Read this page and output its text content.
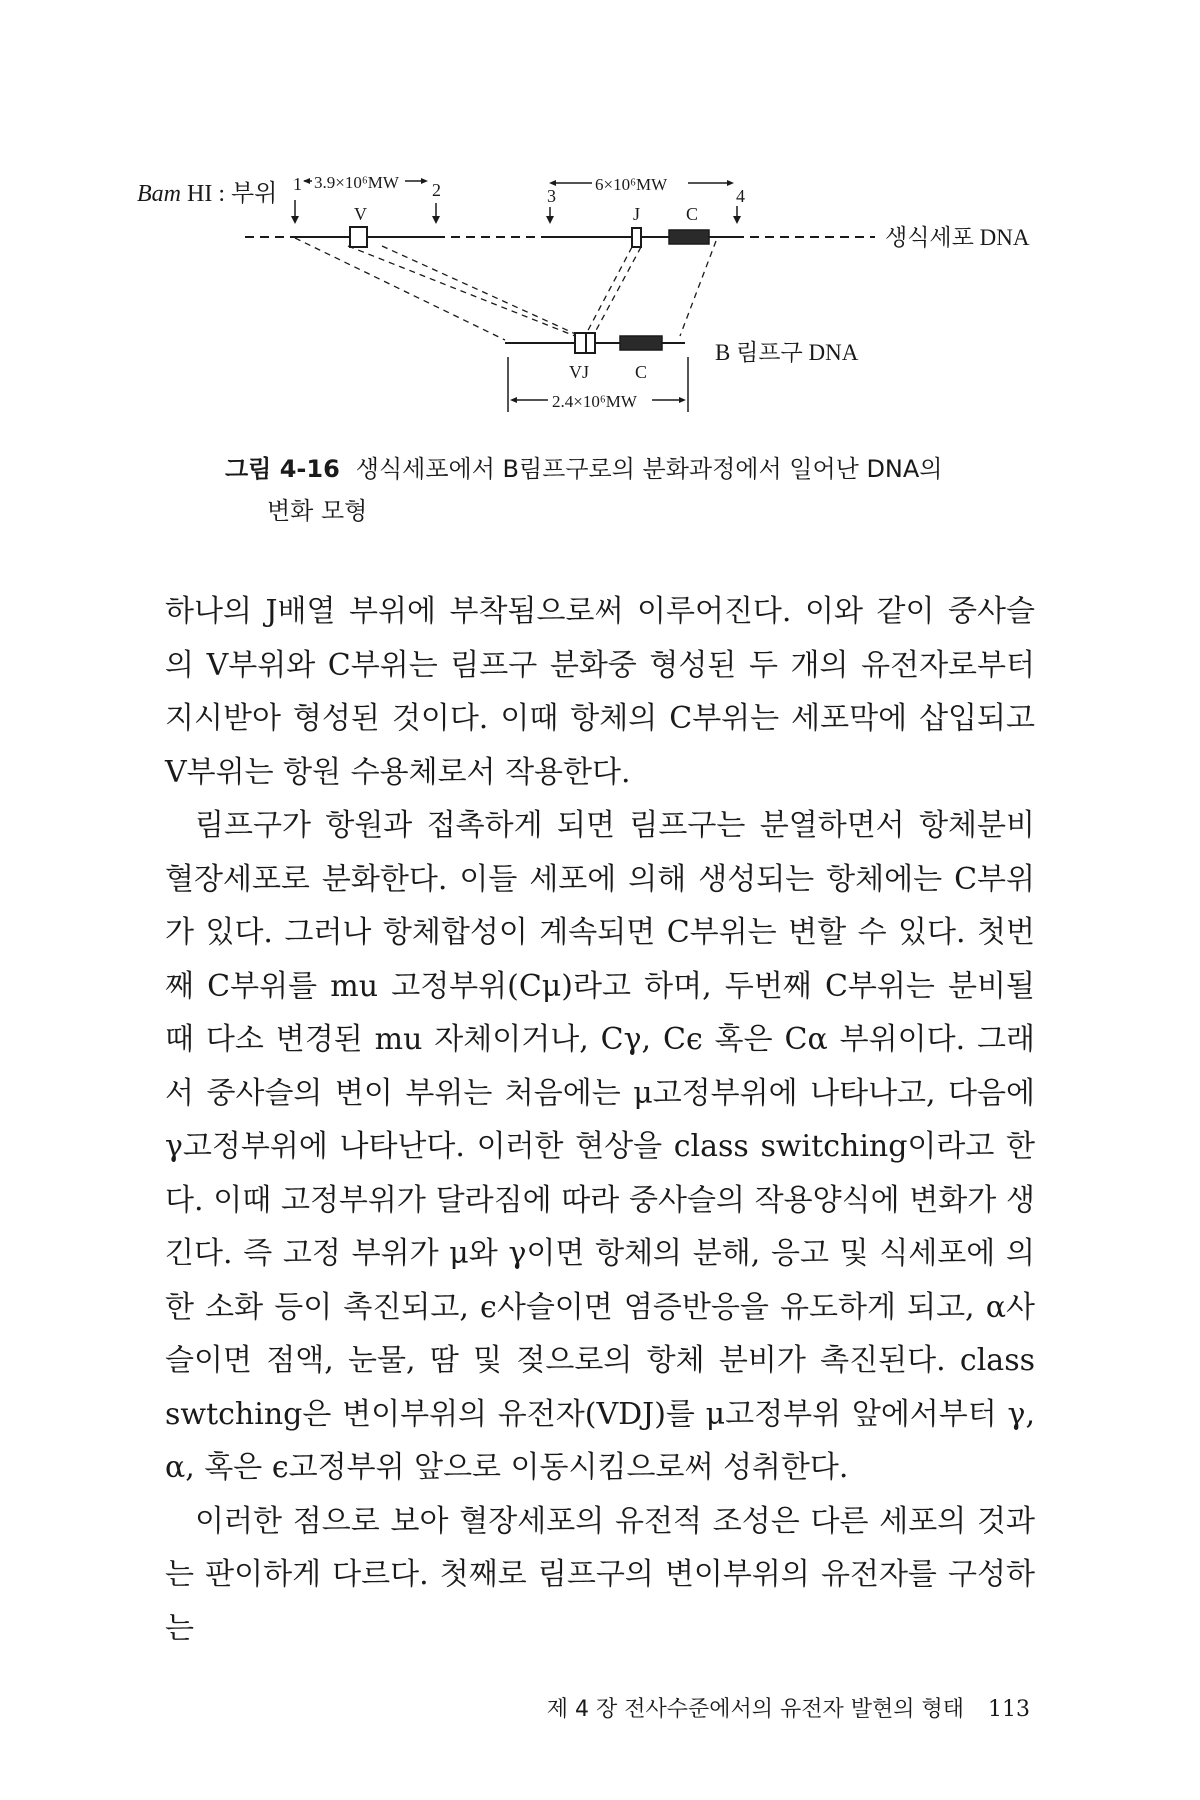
Bam HI : 부위 1	2	3	4
3.9×10⁶MW	6×10⁶MW
V	J	C
생식세포 DNA
B 림프구 DNA
VJ	C
2.4×10⁶MW
그림 4-16 생식세포에서 B림프구로의 분화과정에서 일어난 DNA의
변화 모형

하나의 J배열 부위에 부착됨으로써 이루어진다. 이와 같이 중사슬의 V부위와 C부위는 림프구 분화중 형성된 두 개의 유전자로부터 지시받아 형성된 것이다. 이때 항체의 C부위는 세포막에 삽입되고 V부위는 항원 수용체로서 작용한다.

림프구가 항원과 접촉하게 되면 림프구는 분열하면서 항체분비 혈장세포로 분화한다. 이들 세포에 의해 생성되는 항체에는 C부위가 있다. 그러나 항체합성이 계속되면 C부위는 변할 수 있다. 첫번째 C부위를 mu 고정부위(Cμ)라고 하며, 두번째 C부위는 분비될 때 다소 변경된 mu 자체이거나, Cγ, Cϵ 혹은 Cα 부위이다. 그래서 중사슬의 변이 부위는 처음에는 μ고정부위에 나타나고, 다음에 γ고정부위에 나타난다. 이러한 현상을 class switching이라고 한다. 이때 고정부위가 달라짐에 따라 중사슬의 작용양식에 변화가 생긴다. 즉 고정 부위가 μ와 γ이면 항체의 분해, 응고 및 식세포에 의한 소화 등이 촉진되고, ϵ사슬이면 염증반응을 유도하게 되고, α사슬이면 점액, 눈물, 땀 및 젖으로의 항체 분비가 촉진된다. class swtching은 변이부위의 유전자(VDJ)를 μ고정부위 앞에서부터 γ, α, 혹은 ϵ고정부위 앞으로 이동시킴으로써 성취한다.

이러한 점으로 보아 혈장세포의 유전적 조성은 다른 세포의 것과는 판이하게 다르다. 첫째로 림프구의 변이부위의 유전자를 구성하는

제 4 장 전사수준에서의 유전자 발현의 형태 113
